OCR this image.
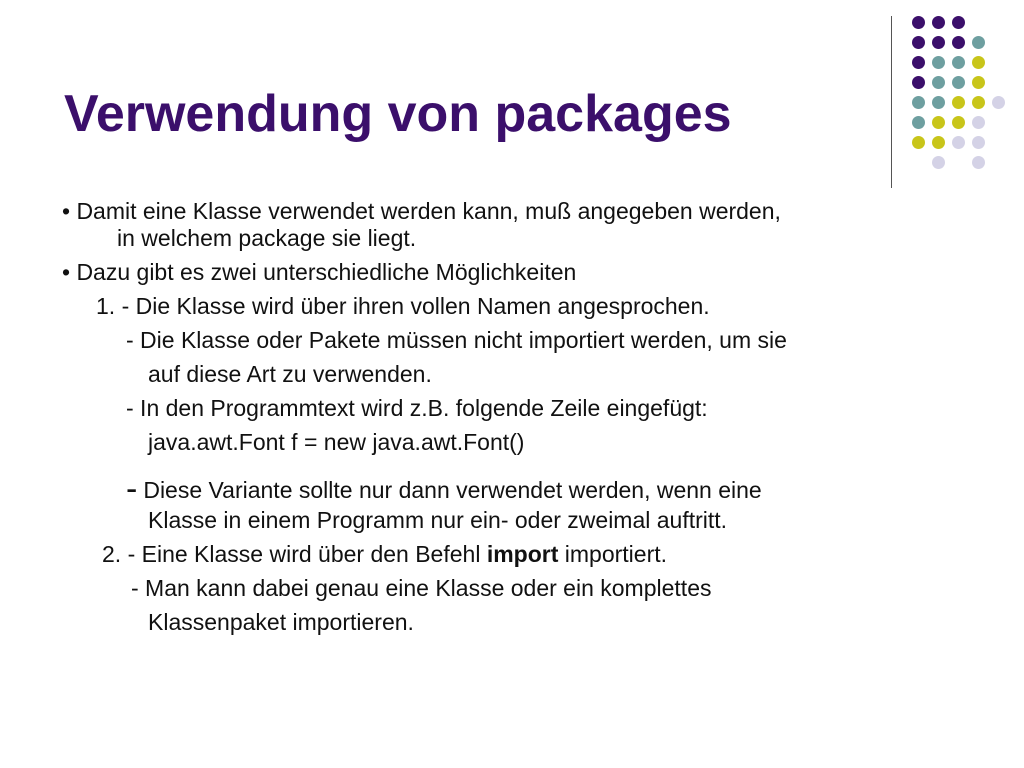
Verwendung von packages
• Damit eine Klasse verwendet werden kann, muß angegeben werden,
in welchem package sie liegt.
• Dazu gibt es zwei unterschiedliche Möglichkeiten
1. - Die Klasse wird über ihren vollen Namen angesprochen.
- Die Klasse oder Pakete müssen nicht importiert werden, um sie
auf diese Art zu verwenden.
- In den Programmtext wird z.B. folgende Zeile eingefügt:
java.awt.Font f = new java.awt.Font()
- Diese Variante sollte nur dann verwendet werden, wenn eine
Klasse in einem Programm nur ein- oder zweimal auftritt.
2. - Eine Klasse wird über den Befehl import importiert.
- Man kann dabei genau eine Klasse oder ein komplettes
Klassenpaket importieren.
